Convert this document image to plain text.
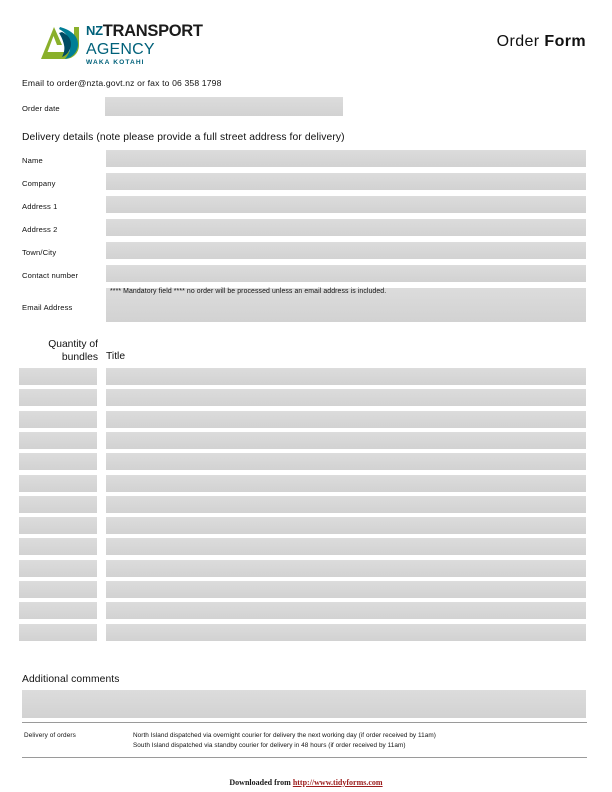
NZTRANSPORT
AGENCY
WAKA KOTAHI
Order Form
Email to order@nzta.govt.nz or fax to 06 358 1798
Order date
Delivery details (note please provide a full street address for delivery)
Name
Company
Address 1
Address 2
Town/City
Contact number
Email Address
**** Mandatory field **** no order will be processed unless an email address is included.
Quantity of
bundles Title
Additional comments
Delivery of orders	North Island dispatched via overnight courier for delivery the next working day (if order received by 11am)
South Island dispatched via standby courier for delivery in 48 hours (if order received by 11am)
Downloaded from http://www.tidyforms.com
